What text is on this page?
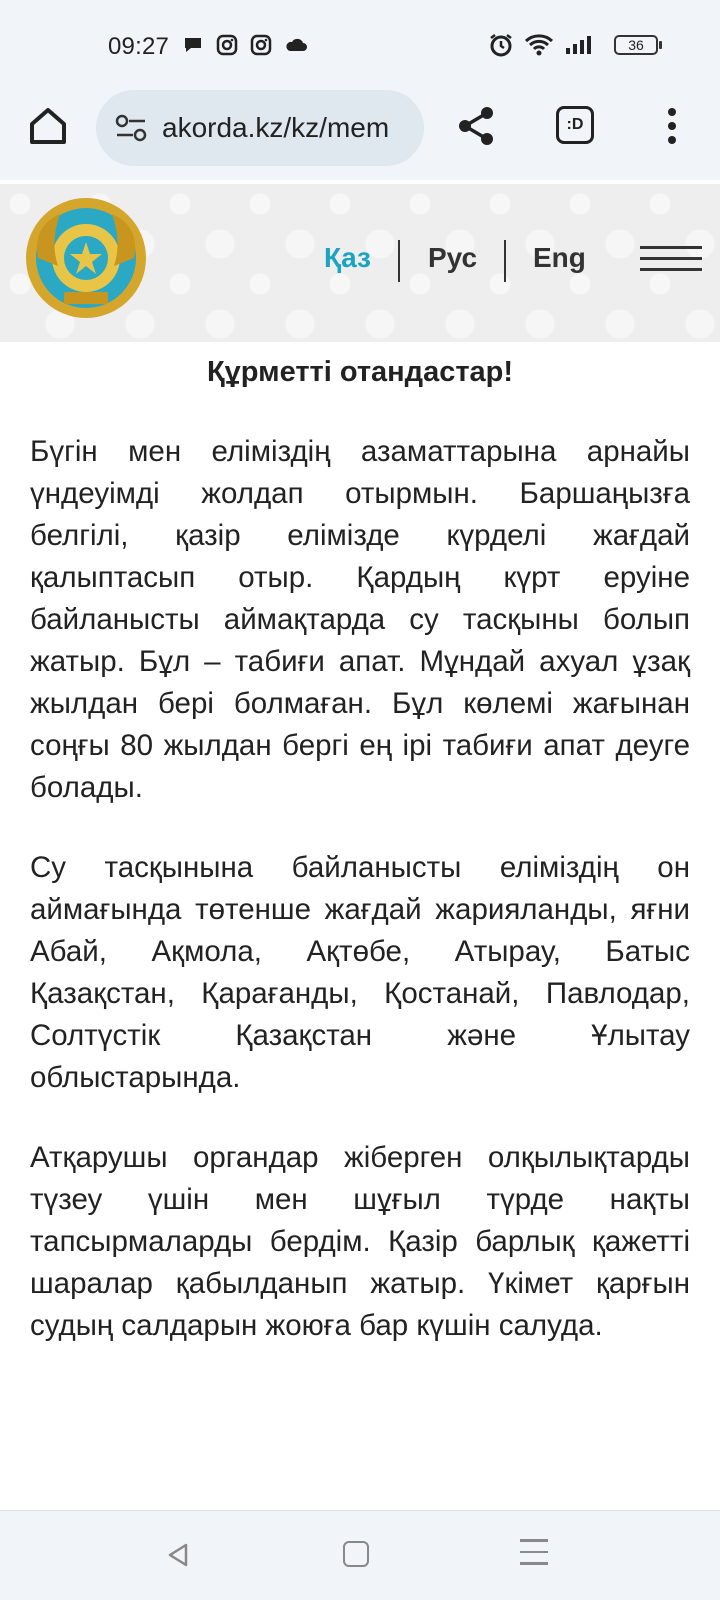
09:27	36
akorda.kz/kz/mem	:D
Қаз Рус Eng
Құрметті отандастар!

Бүгін мен еліміздің азаматтарына арнайы үндеуімді жолдап отырмын. Баршаңызға белгілі, қазір елімізде күрделі жағдай қалыптасып отыр. Қардың күрт еруіне байланысты аймақтарда су тасқыны болып жатыр. Бұл – табиғи апат. Мұндай ахуал ұзақ жылдан бері болмаған. Бұл көлемі жағынан соңғы 80 жылдан бергі ең ірі табиғи апат деуге болады.

Су тасқынына байланысты еліміздің он аймағында төтенше жағдай жарияланды, яғни Абай, Ақмола, Ақтөбе, Атырау, Батыс Қазақстан, Қарағанды, Қостанай, Павлодар, Солтүстік Қазақстан және Ұлытау облыстарында.

Атқарушы органдар жіберген олқылықтарды түзеу үшін мен шұғыл түрде нақты тапсырмаларды бердім. Қазір барлық қажетті шаралар қабылданып жатыр. Үкімет қарғын судың салдарын жоюға бар күшін салуда.
